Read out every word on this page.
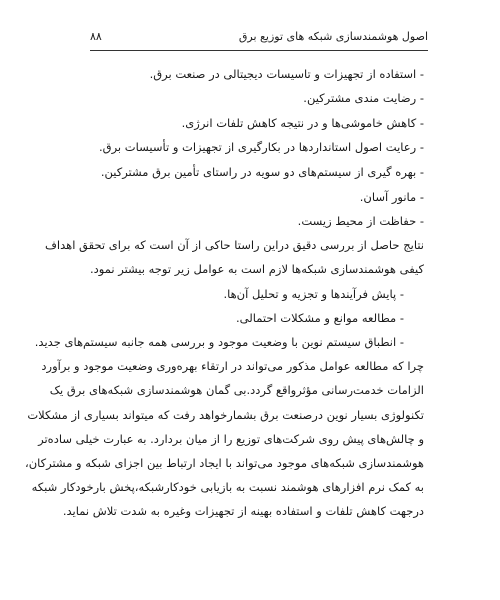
۸۸	اصول هوشمندسازی شبکه های توزیع برق
- استفاده از تجهیزات و تاسیسات دیجیتالی در صنعت برق.
- رضایت مندی مشترکین.
- کاهش خاموشی‌ها و در نتیجه کاهش تلفات انرژی.
- رعایت اصول استانداردها در بکارگیری از تجهیزات و تأسیسات برق.
- بهره گیری از سیستم‌های دو سویه در راستای تأمین برق مشترکین.
- مانور آسان.
- حفاظت از محیط زیست.
نتایج حاصل از بررسی دقیق دراین راستا حاکی از آن است که برای تحقق اهداف
کیفی هوشمندسازی شبکه‌ها لازم است به عوامل زیر توجه بیشتر نمود.
- پایش فرآیندها و تجزیه و تحلیل آن‌ها.
- مطالعه موانع و مشکلات احتمالی.
- انطباق سیستم نوین با وضعیت موجود و بررسی همه جانبه سیستم‌های جدید.
چرا که مطالعه عوامل مذکور می‌تواند در ارتقاء بهره‌وری وضعیت موجود و برآورد
الزامات خدمت‌رسانی مؤثرواقع گردد.بی گمان هوشمندسازی شبکه‌های برق یک
تکنولوژی بسیار نوین درصنعت برق بشمارخواهد رفت که میتواند بسیاری از مشکلات
و چالش‌های پیش روی شرکت‌های توزیع را از میان بردارد. به عبارت خیلی ساده‌تر
هوشمندسازی شبکه‌های موجود می‌تواند با ایجاد ارتباط بین اجزای شبکه و مشترکان،
به کمک نرم افزارهای هوشمند نسبت به بازیابی خودکارشبکه،پخش بارخودکار شبکه
درجهت کاهش تلفات و استفاده بهینه از تجهیزات وغیره به شدت تلاش نماید.
